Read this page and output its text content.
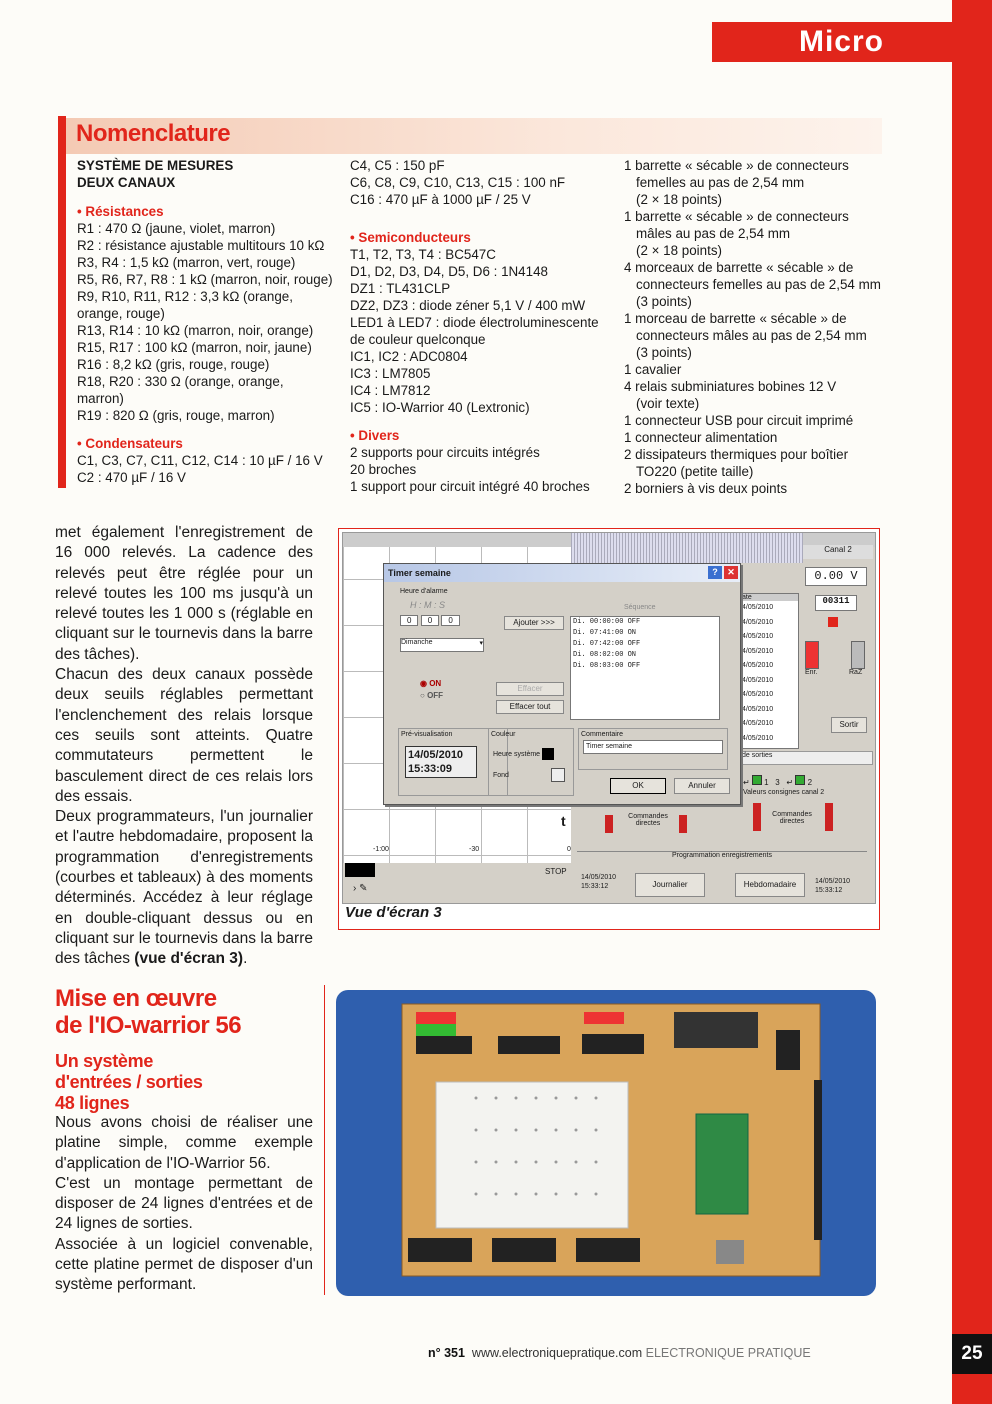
Micro
Nomenclature
SYSTÈME DE MESURES
DEUX CANAUX
• Résistances
R1 : 470 Ω (jaune, violet, marron)
R2 : résistance ajustable multitours 10 kΩ
R3, R4 : 1,5 kΩ (marron, vert, rouge)
R5, R6, R7, R8 : 1 kΩ (marron, noir, rouge)
R9, R10, R11, R12 : 3,3 kΩ (orange,
orange, rouge)
R13, R14 : 10 kΩ (marron, noir, orange)
R15, R17 : 100 kΩ (marron, noir, jaune)
R16 : 8,2 kΩ (gris, rouge, rouge)
R18, R20 : 330 Ω (orange, orange,
marron)
R19 : 820 Ω (gris, rouge, marron)
• Condensateurs
C1, C3, C7, C11, C12, C14 : 10 µF / 16 V
C2 : 470 µF / 16 V
C4, C5 : 150 pF
C6, C8, C9, C10, C13, C15 : 100 nF
C16 : 470 µF à 1000 µF / 25 V
• Semiconducteurs
T1, T2, T3, T4 : BC547C
D1, D2, D3, D4, D5, D6 : 1N4148
DZ1 : TL431CLP
DZ2, DZ3 : diode zéner 5,1 V / 400 mW
LED1 à LED7 : diode électroluminescente
de couleur quelconque
IC1, IC2 : ADC0804
IC3 : LM7805
IC4 : LM7812
IC5 : IO-Warrior 40 (Lextronic)
• Divers
2 supports pour circuits intégrés
20 broches
1 support pour circuit intégré 40 broches
1 barrette « sécable » de connecteurs
femelles au pas de 2,54 mm
(2 × 18 points)
1 barrette « sécable » de connecteurs
mâles au pas de 2,54 mm
(2 × 18 points)
4 morceaux de barrette « sécable » de
connecteurs femelles au pas de 2,54 mm
(3 points)
1 morceau de barrette « sécable » de
connecteurs mâles au pas de 2,54 mm
(3 points)
1 cavalier
4 relais subminiatures bobines 12 V
(voir texte)
1 connecteur USB pour circuit imprimé
1 connecteur alimentation
2 dissipateurs thermiques pour boîtier
TO220 (petite taille)
2 borniers à vis deux points

met également l'enregistrement de 16 000 relevés. La cadence des relevés peut être réglée pour un relevé toutes les 100 ms jusqu'à un relevé toutes les 1 000 s (réglable en cliquant sur le tournevis dans la barre des tâches).

Chacun des deux canaux possède deux seuils réglables permettant l'enclenchement des relais lorsque ces seuils sont atteints. Quatre commutateurs permettent le basculement direct de ces relais lors des essais.

Deux programmateurs, l'un journalier et l'autre hebdomadaire, proposent la programmation d'enregistrements (courbes et tableaux) à des moments déterminés. Accédez à leur réglage en double-cliquant dessus ou en cliquant sur le tournevis dans la barre des tâches (vue d'écran 3).

t
-1:00	-30	0
› ✎
STOP
Canal 2
0.00 V
00311
Enr.	RaZ
Sortir
ate
4/05/2010
4/05/2010
4/05/2010
4/05/2010
4/05/2010
4/05/2010
4/05/2010
4/05/2010
4/05/2010
4/05/2010
de sorties
↵  1 3   ↵  2
Valeurs consignes canal 2
Commandes directes
Commandes directes
Programmation enregistrements
14/05/2010
15:33:12	Journalier	Hebdomadaire	14/05/2010
15:33:12
Timer semaine	?	✕
Heure d'alarme
H : M : S
0 0 0
Dimanche	▾
◉ ON
○ OFF
Ajouter >>>
Effacer
Effacer tout
Séquence
Di. 00:00:00 OFF
Di. 07:41:00 ON
Di. 07:42:00 OFF
Di. 08:02:00 ON
Di. 08:03:00 OFF
Pré-visualisation
14/05/2010
15:33:09
Couleur
Heure système
Fond
Commentaire
Timer semaine
OK	Annuler
Vue d'écran 3
Mise en œuvre
de l'IO-warrior 56
Un système
d'entrées / sorties
48 lignes

Nous avons choisi de réaliser une platine simple, comme exemple d'application de l'IO-Warrior 56.

C'est un montage permettant de disposer de 24 lignes d'entrées et de 24 lignes de sorties.

Associée à un logiciel convenable, cette platine permet de disposer d'un système performant.

n° 351 www.electroniquepratique.com ELECTRONIQUE PRATIQUE	25
